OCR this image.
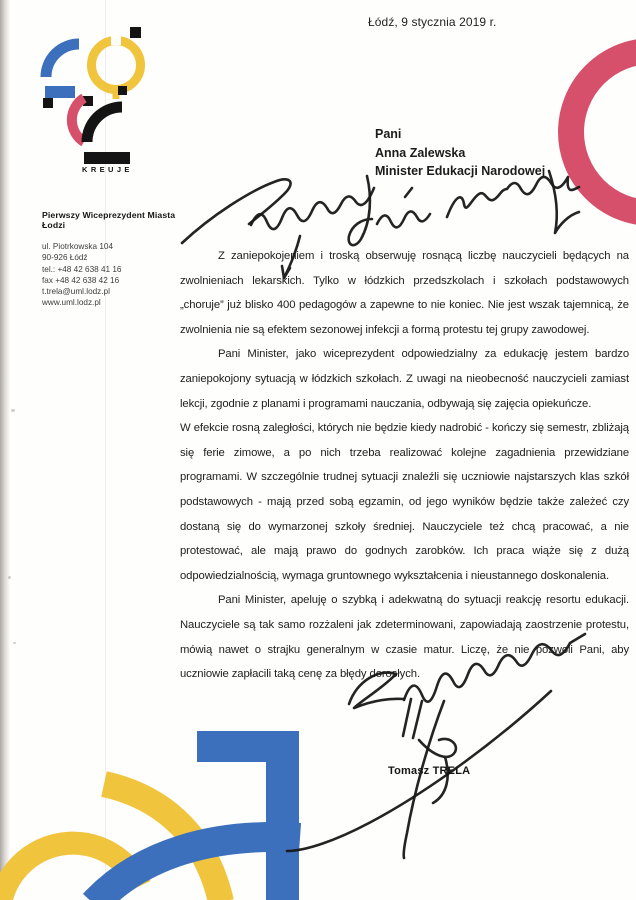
KREUJE
Łódź, 9 stycznia 2019 r.
Pierwszy Wiceprezydent Miasta Łodzi
ul. Piotrkowska 104
90-926 Łódź
tel.: +48 42 638 41 16
fax +48 42 638 42 16
t.trela@uml.lodz.pl
www.uml.lodz.pl
Pani
Anna Zalewska
Minister Edukacji Narodowej

Z zaniepokojeniem i troską obserwuję rosnącą liczbę nauczycieli będących na zwolnieniach lekarskich. Tylko w łódzkich przedszkolach i szkołach podstawowych „choruje” już blisko 400 pedagogów a zapewne to nie koniec. Nie jest wszak tajemnicą, że zwolnienia nie są efektem sezonowej infekcji a formą protestu tej grupy zawodowej.

Pani Minister, jako wiceprezydent odpowiedzialny za edukację jestem bardzo zaniepokojony sytuacją w łódzkich szkołach. Z uwagi na nieobecność nauczycieli zamiast lekcji, zgodnie z planami i programami nauczania, odbywają się zajęcia opiekuńcze.

W efekcie rosną zaległości, których nie będzie kiedy nadrobić - kończy się semestr, zbliżają się ferie zimowe, a po nich trzeba realizować kolejne zagadnienia przewidziane programami. W szczególnie trudnej sytuacji znaleźli się uczniowie najstarszych klas szkół podstawowych - mają przed sobą egzamin, od jego wyników będzie także zależeć czy dostaną się do wymarzonej szkoły średniej. Nauczyciele też chcą pracować, a nie protestować, ale mają prawo do godnych zarobków. Ich praca wiąże się z dużą odpowiedzialnością, wymaga gruntownego wykształcenia i nieustannego doskonalenia.

Pani Minister, apeluję o szybką i adekwatną do sytuacji reakcję resortu edukacji. Nauczyciele są tak samo rozżaleni jak zdeterminowani, zapowiadają zaostrzenie protestu, mówią nawet o strajku generalnym w czasie matur. Liczę, że nie pozwoli Pani, aby uczniowie zapłacili taką cenę za błędy dorosłych.

Tomasz TRELA
